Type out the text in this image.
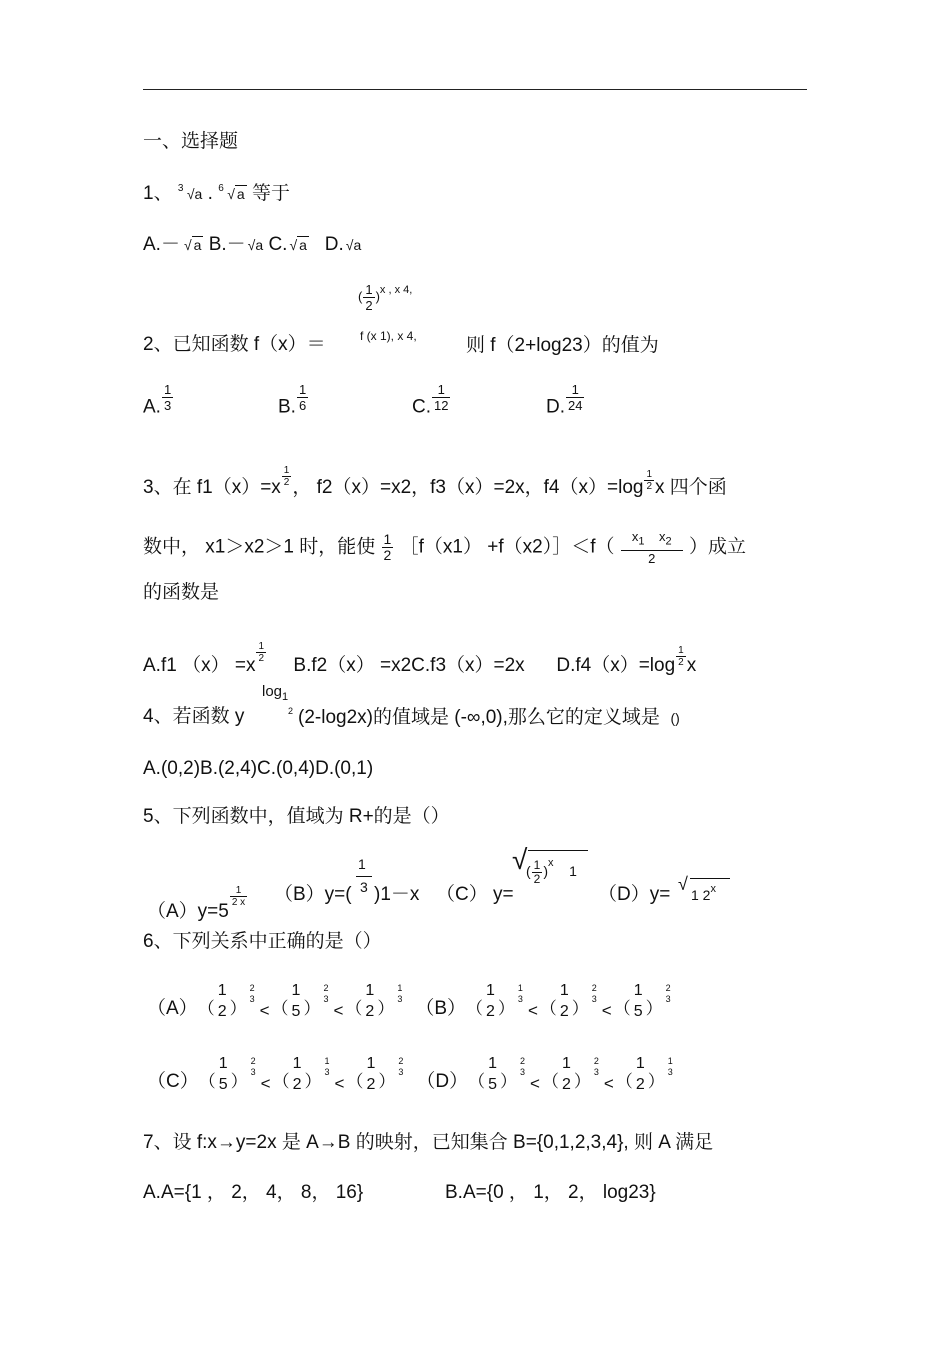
一、选择题
1、 3 √a . 6 √ a 等于
A.－ √ a B.－ √a C. √ a D. √a
( $\frac{1}{2} )^{x , x 4,}$
f (x 1), x 4,
2、已知函数 f（x）＝	则 f（2+log23）的值为
A. $\frac{1}{3}$	B. $\frac{1}{6}$	C. $\frac{1}{12}$	D. $\frac{1}{24}$
3、在 $f1(x)=x \frac{1}{2}$ ， f2（x）=x2，f3（x）=2x，$f4(x)=\log \frac{1}{2}$ x 四个函
数中， x1＞x2＞1 时，能使 $\frac{1}{2}$ ［f（x1） +f（x2）］＜f（ $\frac{x_1 x_2}{2}$ ）成立
的函数是
A.f1 （x） =x
$\frac{1}{2}$
B.f2（x） =x2C.f3（x）=2x $D.f4(x)=\log \frac{1}{2}$ x
$\log_1$
2
4、若函数 y	(2-log2x)的值域是 (-∞,0),那么它的定义域是 ()
A.(0,2)B.(2,4)C.(0,4)D.(0,1)
5、下列函数中，值域为 R+的是（）
（A）y=5
$\frac{1}{2 x} (B)y=$(
1
3 )1－x （C） y=
√
( $\frac{1}{2} )^x$ 1
（D）y= √
1 2$^x$
6、下列关系中正确的是（）
（A）（
1
2 ）
2
3
< （
1
5 ）
2
3
< （
1
2 ）
1
3 （B）（
1
2 ）
1
3
< （
1
2 ）
2
3
< （
1
5 ）
2
3
（C）（
1
5 ）
2
3
< （
1
2 ）
1
3
< （
1
2 ）
2
3 （D）（
1
5 ）
2
3
< （
1
2 ）
2
3
< （
1
2 ）
1
3
7、设 f:x→y=2x 是 A→B 的映射，已知集合 B={0,1,2,3,4}, 则 A 满足
A.A={1 ， 2， 4， 8， 16}	B.A={0 ， 1， 2， log23}
